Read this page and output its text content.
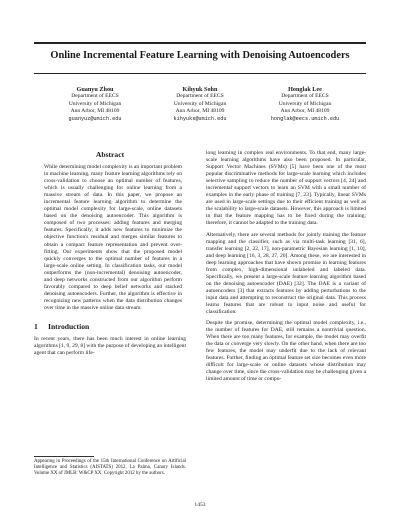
Online Incremental Feature Learning with Denoising Autoencoders
Guanyu Zhou
Department of EECS
University of Michigan
Ann Arbor, MI 48109
guanyuz@umich.edu
Kihyuk Sohn
Department of EECS
University of Michigan
Ann Arbor, MI 48109
kihyuks@umich.edu
Honglak Lee
Department of EECS
University of Michigan
Ann Arbor, MI 48109
honglak@eecs.umich.edu
Abstract

While determining model complexity is an important problem in machine learning, many feature learning algorithms rely on cross-validation to choose an optimal number of features, which is usually challenging for online learning from a massive stream of data. In this paper, we propose an incremental feature learning algorithm to determine the optimal model complexity for large-scale, online datasets based on the denoising autoencoder. This algorithm is composed of two processes: adding features and merging features. Specifically, it adds new features to minimize the objective function's residual and merges similar features to obtain a compact feature representation and prevent over-fitting. Our experiments show that the proposed model quickly converges to the optimal number of features in a large-scale online setting. In classification tasks, our model outperforms the (non-incremental) denoising autoencoder, and deep networks constructed from our algorithm perform favorably compared to deep belief networks and stacked denoising autoencoders. Further, the algorithm is effective in recognizing new patterns when the data distribution changes over time in the massive online data stream.

1 Introduction

In recent years, there has been much interest in online learning algorithms [1, 9, 29, 8] with the purpose of developing an intelligent agent that can perform life-

Appearing in Proceedings of the 15th International Conference on Artificial Intelligence and Statistics (AISTATS) 2012, La Palma, Canary Islands. Volume XX of JMLR: W&CP XX. Copyright 2012 by the authors.

long learning in complex real environments. To that end, many large-scale learning algorithms have also been proposed. In particular, Support Vector Machines (SVMs) [5] have been one of the most popular discriminative methods for large-scale learning which includes selective sampling to reduce the number of support vectors [4, 24] and incremental support vectors to learn an SVM with a small number of examples in the early phase of training [7, 23]. Typically, linear SVMs are used in large-scale settings due to their efficient training as well as the scalability to large-scale datasets. However, this approach is limited in that the feature mapping has to be fixed during the training; therefore, it cannot be adapted to the training data.

Alternatively, there are several methods for jointly training the feature mapping and the classifier, such as via multi-task learning [31, 6], transfer learning [2, 22, 17], non-parametric Bayesian learning [1, 10], and deep learning [16, 3, 28, 27, 20]. Among these, we are interested in deep learning approaches that have shown promise in learning features from complex, high-dimensional unlabeled and labeled data. Specifically, we present a large-scale feature learning algorithm based on the denoising autoencoder (DAE) [32]. The DAE is a variant of autoencoders [3] that extracts features by adding perturbations to the input data and attempting to reconstruct the original data. This process learns features that are robust to input noise and useful for classification.

Despite the promise, determining the optimal model complexity, i.e., the number of features for DAE, still remains a nontrivial question. When there are too many features, for example, the model may overfit the data or converge very slowly. On the other hand, when there are too few features, the model may underfit due to the lack of relevant features. Further, finding an optimal feature set size becomes even more difficult for large-scale or online datasets whose distribution may change over time, since the cross-validation may be challenging given a limited amount of time or compu-

1453
